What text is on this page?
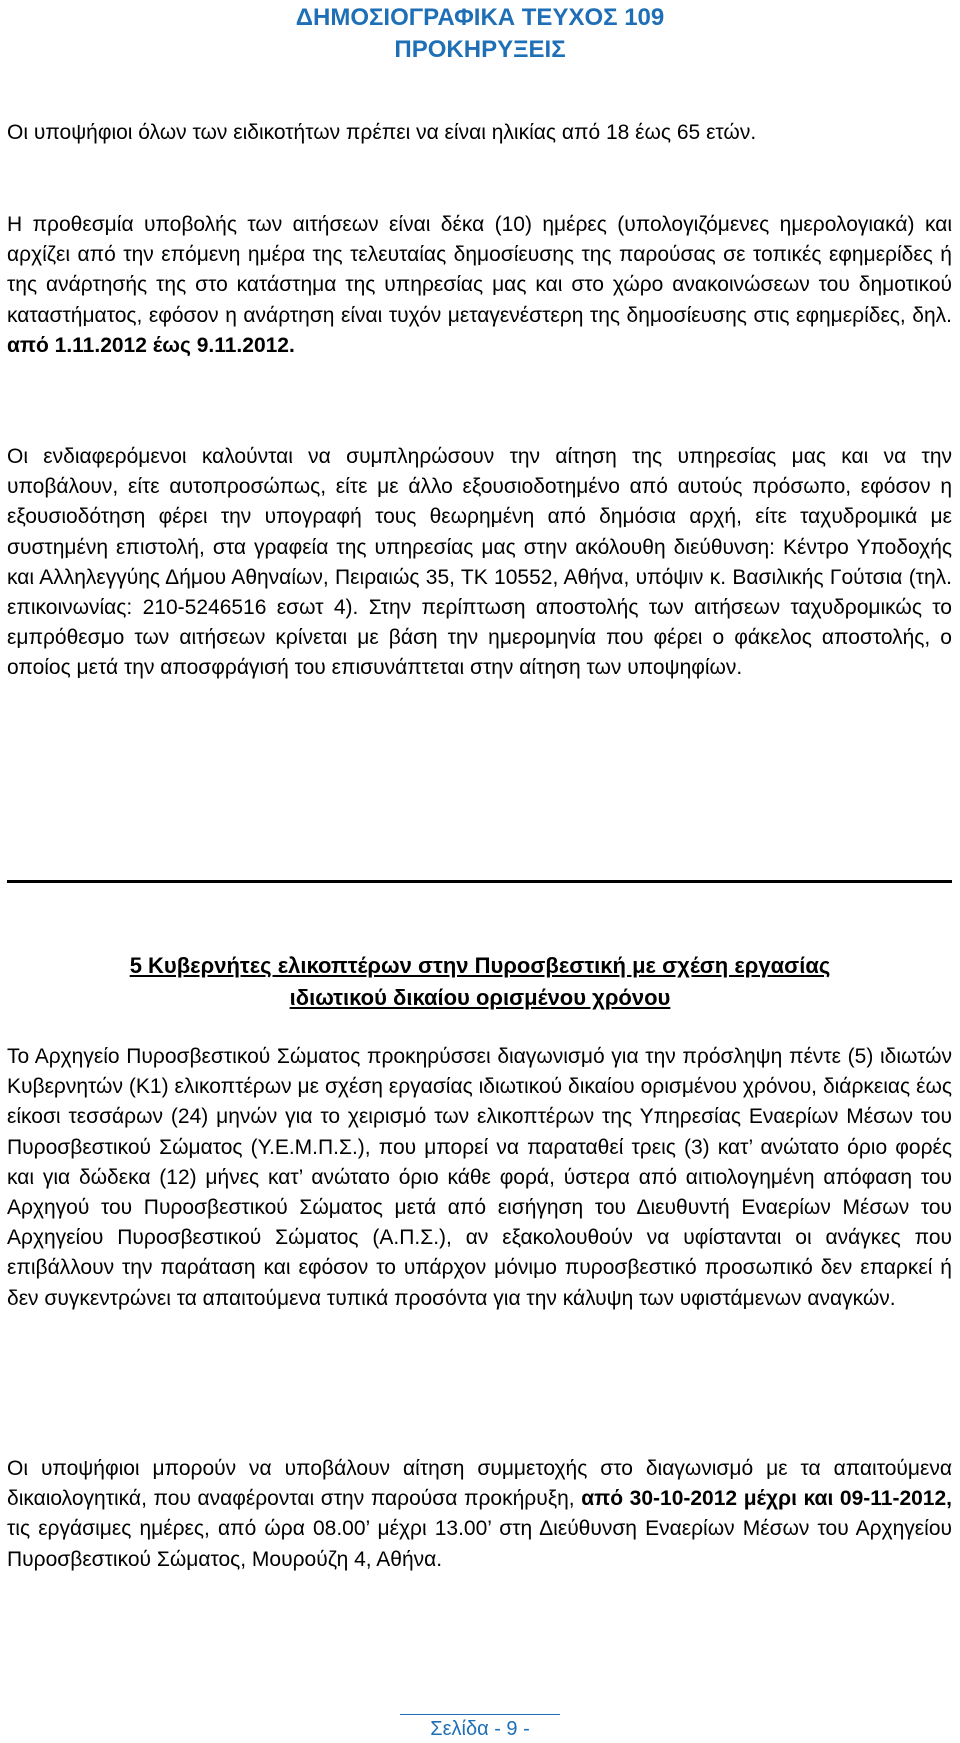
ΔΗΜΟΣΙΟΓΡΑΦΙΚΑ ΤΕΥΧΟΣ 109
ΠΡΟΚΗΡΥΞΕΙΣ

Οι υποψήφιοι όλων των ειδικοτήτων πρέπει να είναι ηλικίας από 18 έως 65 ετών.

Η προθεσμία υποβολής των αιτήσεων είναι δέκα (10) ημέρες (υπολογιζόμενες ημερολογιακά) και αρχίζει από την επόμενη ημέρα της τελευταίας δημοσίευσης της παρούσας σε τοπικές εφημερίδες ή της ανάρτησής της στο κατάστημα της υπηρεσίας μας και στο χώρο ανακοινώσεων του δημοτικού καταστήματος, εφόσον η ανάρτηση είναι τυχόν μεταγενέστερη της δημοσίευσης στις εφημερίδες, δηλ. από 1.11.2012 έως 9.11.2012.

Οι ενδιαφερόμενοι καλούνται να συμπληρώσουν την αίτηση της υπηρεσίας μας και να την υποβάλουν, είτε αυτοπροσώπως, είτε με άλλο εξουσιοδοτημένο από αυτούς πρόσωπο, εφόσον η εξουσιοδότηση φέρει την υπογραφή τους θεωρημένη από δημόσια αρχή, είτε ταχυδρομικά με συστημένη επιστολή, στα γραφεία της υπηρεσίας μας στην ακόλουθη διεύθυνση: Κέντρο Υποδοχής και Αλληλεγγύης Δήμου Αθηναίων, Πειραιώς 35, ΤΚ 10552, Αθήνα, υπόψιν κ. Βασιλικής Γούτσια (τηλ. επικοινωνίας: 210-5246516 εσωτ 4). Στην περίπτωση αποστολής των αιτήσεων ταχυδρομικώς το εμπρόθεσμο των αιτήσεων κρίνεται με βάση την ημερομηνία που φέρει ο φάκελος αποστολής, ο οποίος μετά την αποσφράγισή του επισυνάπτεται στην αίτηση των υποψηφίων.

5 Κυβερνήτες ελικοπτέρων στην Πυροσβεστική με σχέση εργασίας
ιδιωτικού δικαίου ορισμένου χρόνου

Το Αρχηγείο Πυροσβεστικού Σώματος προκηρύσσει διαγωνισμό για την πρόσληψη πέντε (5) ιδιωτών Κυβερνητών (Κ1) ελικοπτέρων με σχέση εργασίας ιδιωτικού δικαίου ορισμένου χρόνου, διάρκειας έως είκοσι τεσσάρων (24) μηνών για το χειρισμό των ελικοπτέρων της Υπηρεσίας Εναερίων Μέσων του Πυροσβεστικού Σώματος (Υ.Ε.Μ.Π.Σ.), που μπορεί να παραταθεί τρεις (3) κατ’ ανώτατο όριο φορές και για δώδεκα (12) μήνες κατ’ ανώτατο όριο κάθε φορά, ύστερα από αιτιολογημένη απόφαση του Αρχηγού του Πυροσβεστικού Σώματος μετά από εισήγηση του Διευθυντή Εναερίων Μέσων του Αρχηγείου Πυροσβεστικού Σώματος (Α.Π.Σ.), αν εξακολουθούν να υφίστανται οι ανάγκες που επιβάλλουν την παράταση και εφόσον το υπάρχον μόνιμο πυροσβεστικό προσωπικό δεν επαρκεί ή δεν συγκεντρώνει τα απαιτούμενα τυπικά προσόντα για την κάλυψη των υφιστάμενων αναγκών.

Οι υποψήφιοι μπορούν να υποβάλουν αίτηση συμμετοχής στο διαγωνισμό με τα απαιτούμενα δικαιολογητικά, που αναφέρονται στην παρούσα προκήρυξη, από 30-10-2012 μέχρι και 09-11-2012, τις εργάσιμες ημέρες, από ώρα 08.00’ μέχρι 13.00’ στη Διεύθυνση Εναερίων Μέσων του Αρχηγείου Πυροσβεστικού Σώματος, Μουρούζη 4, Αθήνα.

Σελίδα - 9 -
